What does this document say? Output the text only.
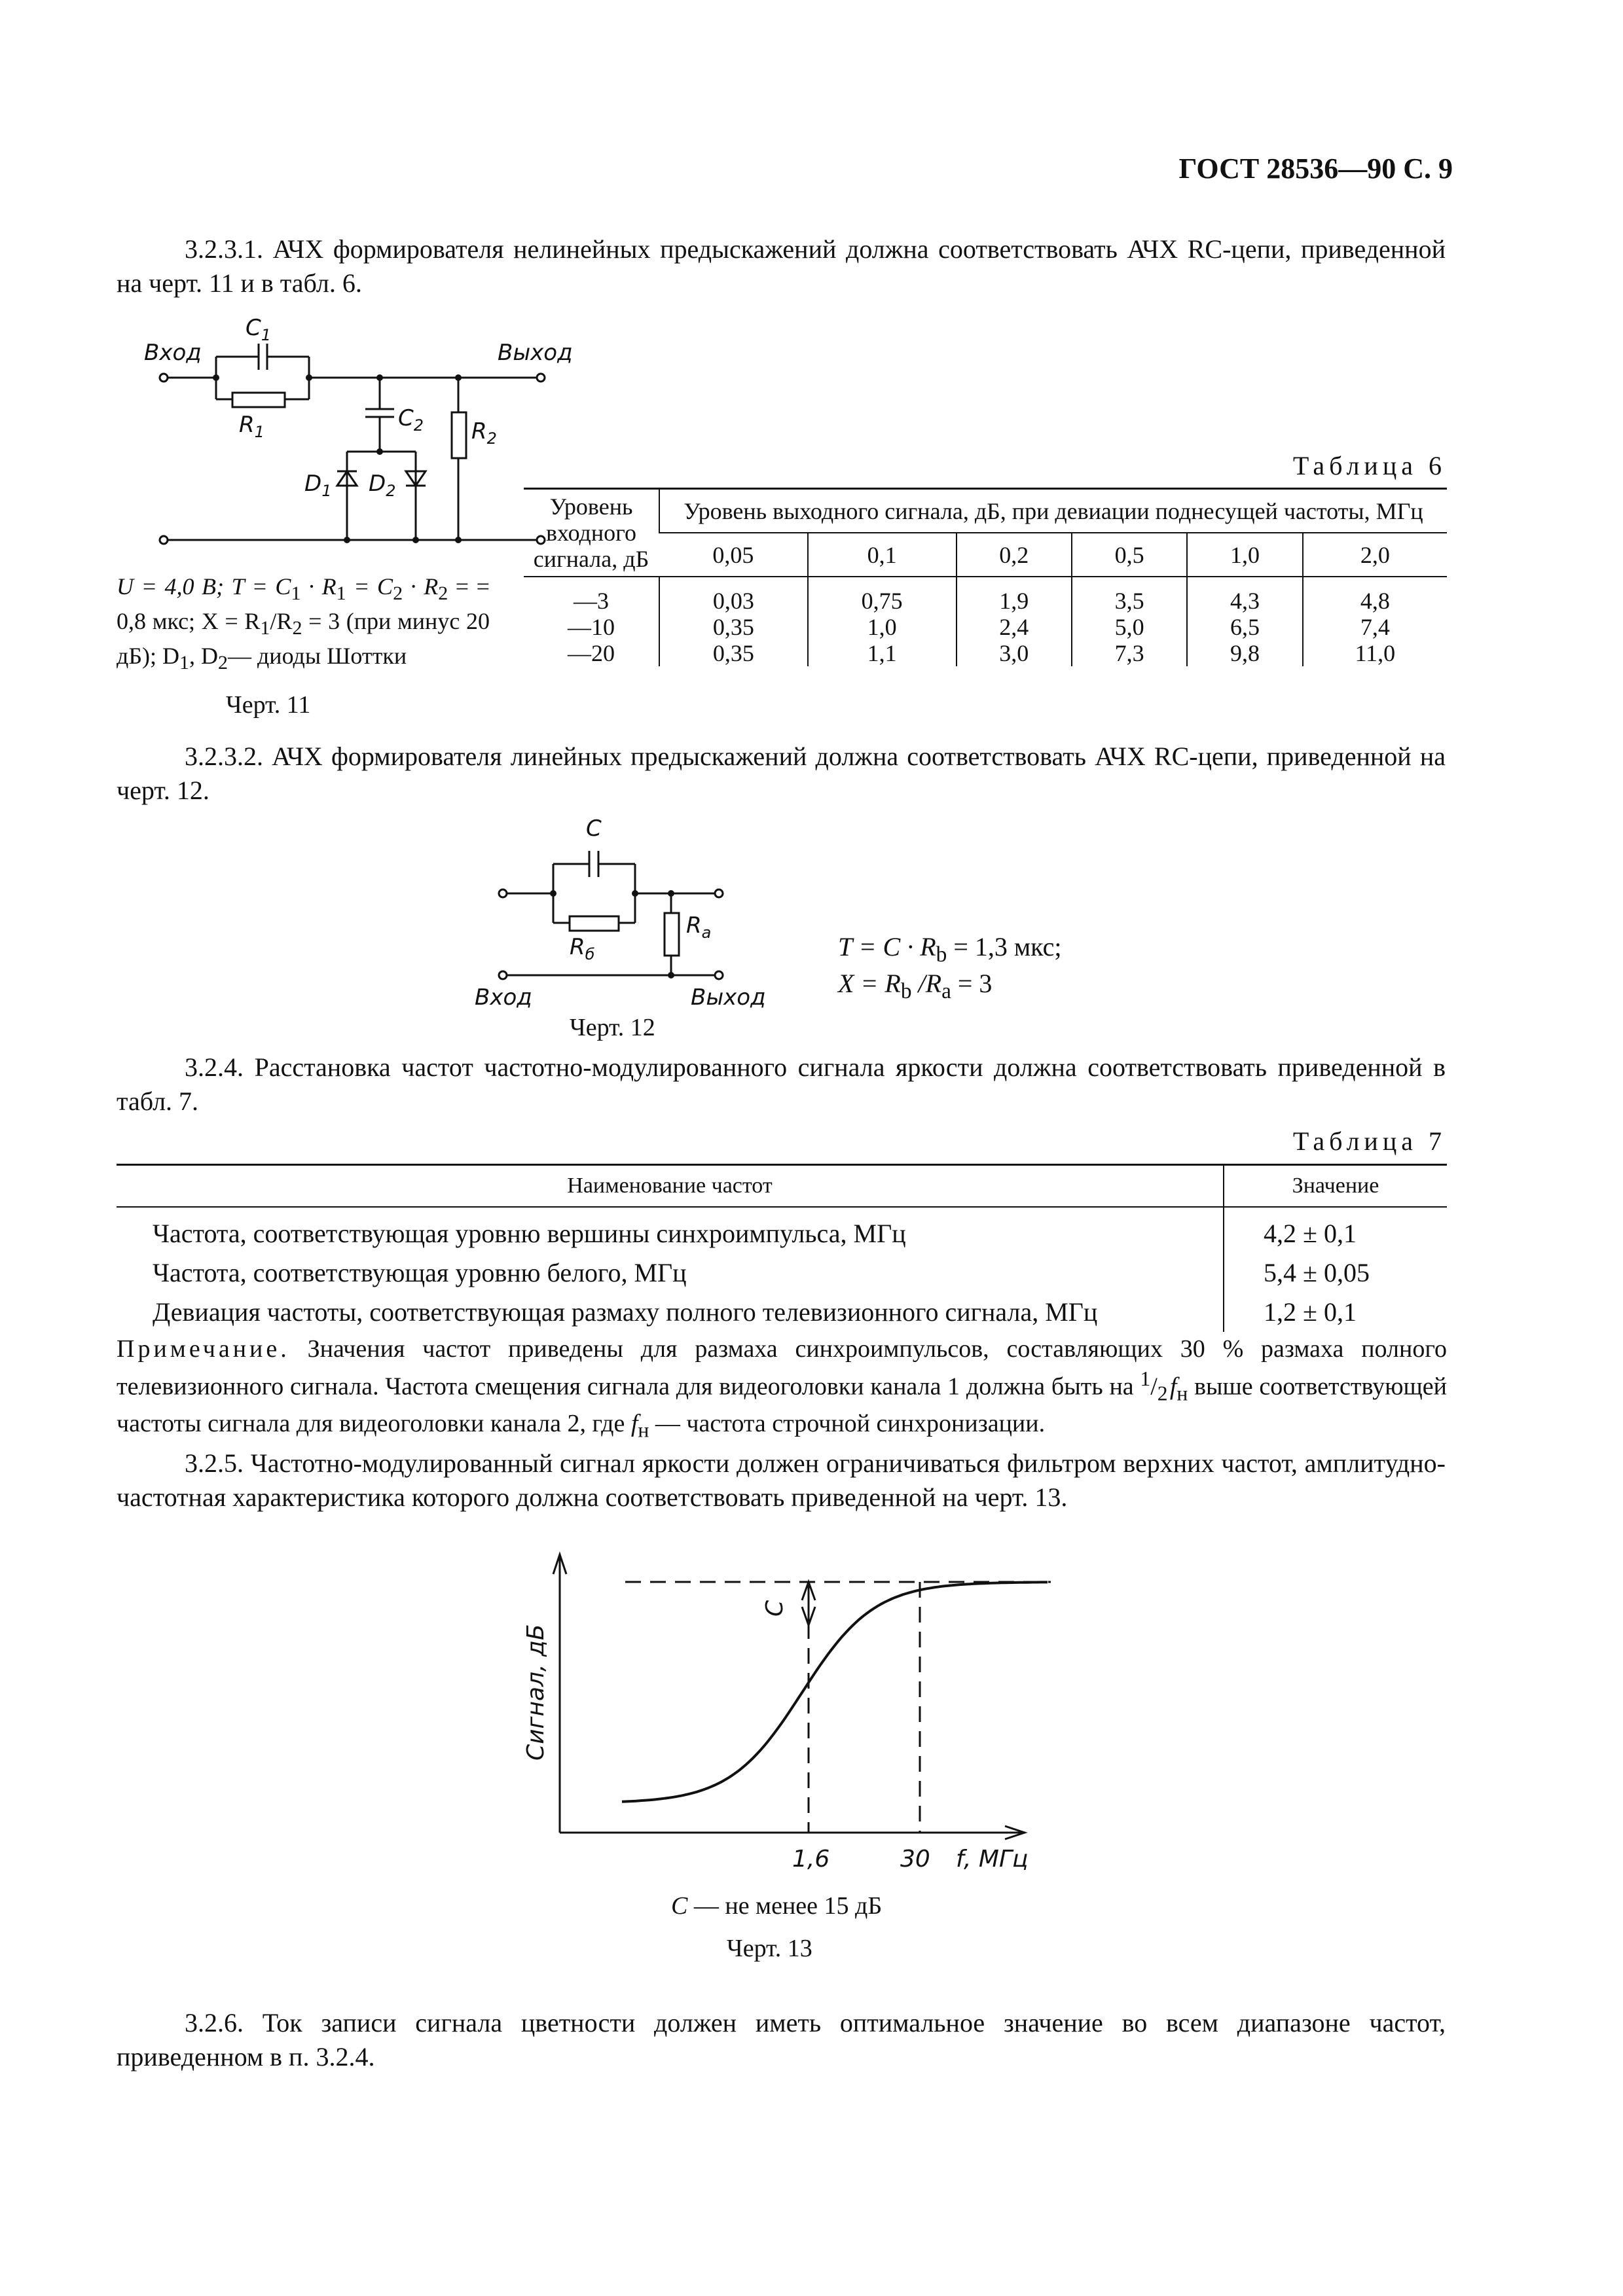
ГОСТ 28536—90 С. 9

3.2.3.1. АЧХ формирователя нелинейных предыскажений должна соответствовать АЧХ RC-цепи, приведенной на черт. 11 и в табл. 6.

Вход	Выход
$C_1$
$R_1$
$C_2$ $R_2$
$D_1$ $D_2$

U = 4,0 В; $T = C_1 \cdot R_1 = C_2 \cdot R_2$ = = 0,8 мкс; $X = R_1/R_2 = 3$ (при минус 20 дБ); $D_1$, $D_2—$ диоды Шоттки

Черт. 11
Таблица 6
Уровень входного сигнала, дБ	Уровень выходного сигнала, дБ, при девиации поднесущей частоты, МГц					
	0,05	0,1	0,2	0,5	1,0	2,0
—3	0,03	0,75	1,9	3,5	4,3	4,8
—10	0,35	1,0	2,4	5,0	6,5	7,4
—20	0,35	1,1	3,0	7,3	9,8	11,0

3.2.3.2. АЧХ формирователя линейных предыскажений должна соответствовать АЧХ RC-цепи, приведенной на черт. 12.

C
$R_б$
$R_a$
Вход	Выход
$T = C \cdot R_b = 1,3$ мкс;
$X = R_b$ $/R_a = 3$
Черт. 12

3.2.4. Расстановка частот частотно-модулированного сигнала яркости должна соответствовать приведенной в табл. 7.

Таблица 7
Наименование частот	Значение
Частота, соответствующая уровню вершины синхроимпульса, МГц	4,2 ± 0,1
Частота, соответствующая уровню белого, МГц	5,4 ± 0,05
Девиация частоты, соответствующая размаху полного телевизионного сигнала, МГц	1,2 ± 0,1

Примечание. Значения частот приведены для размаха синхроимпульсов, составляющих 30 % размаха полного телевизионного сигнала. Частота смещения сигнала для видеоголовки канала 1 должна быть на $^1/_2$ $f_н$ выше соответствующей частоты сигнала для видеоголовки канала 2, где $f_н$ — частота строчной синхронизации.

3.2.5. Частотно-модулированный сигнал яркости должен ограничиваться фильтром верхних частот, амплитудно-частотная характеристика которого должна соответствовать приведенной на черт. 13.

C
Сигнал, дБ
1,6	30 f, МГц
C — не менее 15 дБ
Черт. 13

3.2.6. Ток записи сигнала цветности должен иметь оптимальное значение во всем диапазоне частот, приведенном в п. 3.2.4.
